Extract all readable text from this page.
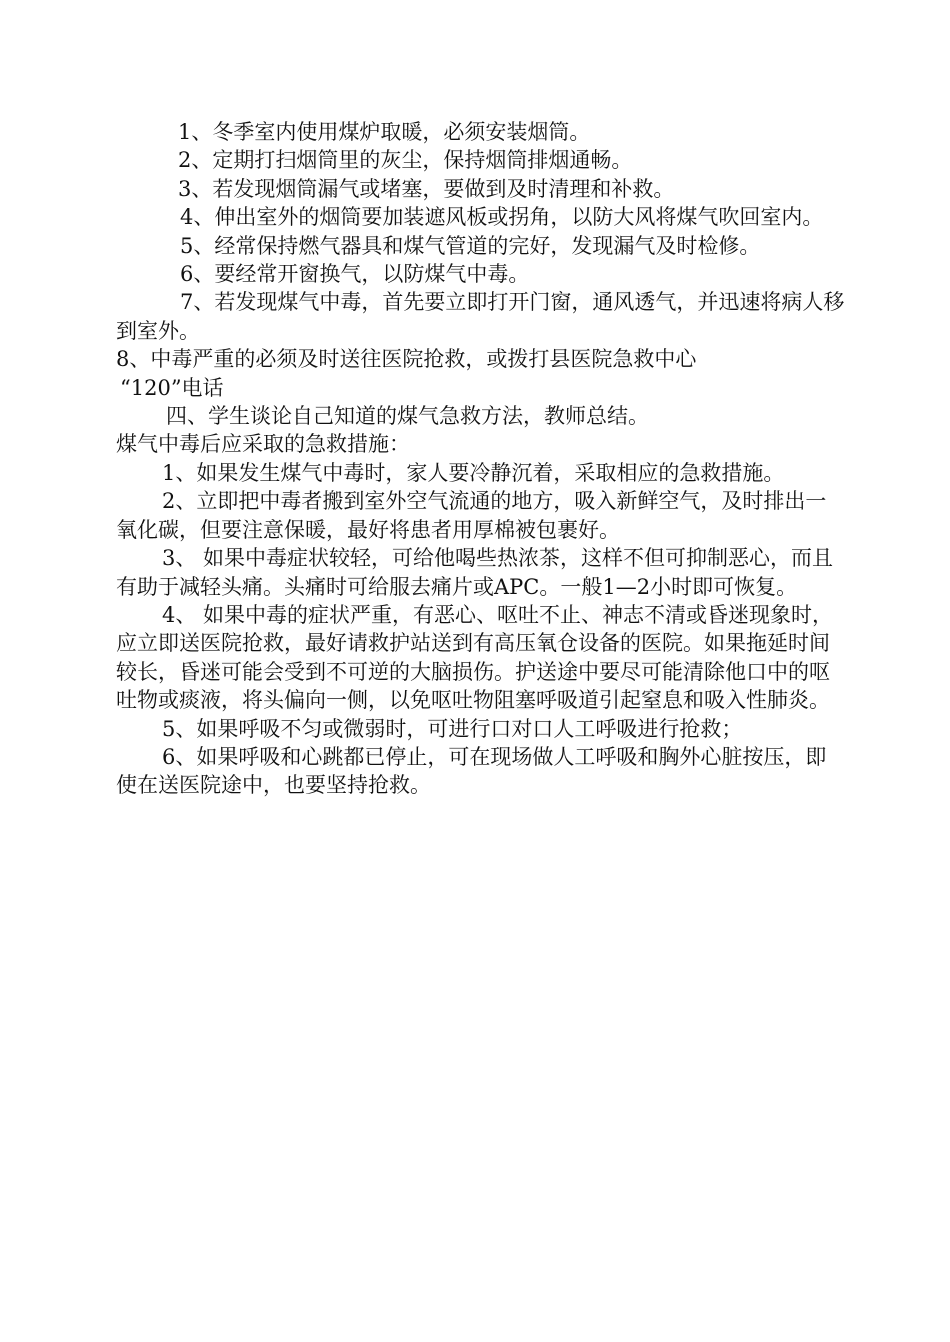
1、冬季室内使用煤炉取暖，必须安装烟筒。

2、定期打扫烟筒里的灰尘，保持烟筒排烟通畅。

3、若发现烟筒漏气或堵塞，要做到及时清理和补救。

4、伸出室外的烟筒要加装遮风板或拐角，以防大风将煤气吹回室内。

5、经常保持燃气器具和煤气管道的完好，发现漏气及时检修。

6、要经常开窗换气，以防煤气中毒。

7、若发现煤气中毒，首先要立即打开门窗，通风透气，并迅速将病人移到室外。

8、中毒严重的必须及时送往医院抢救，或拨打县医院急救中心

“120”电话

四、学生谈论自己知道的煤气急救方法，教师总结。

煤气中毒后应采取的急救措施：

1、如果发生煤气中毒时，家人要冷静沉着，采取相应的急救措施。

2、立即把中毒者搬到室外空气流通的地方，吸入新鲜空气，及时排出一氧化碳，但要注意保暖，最好将患者用厚棉被包裹好。

3、 如果中毒症状较轻，可给他喝些热浓茶，这样不但可抑制恶心，而且有助于减轻头痛。头痛时可给服去痛片或APC。一般1—2小时即可恢复。

4、 如果中毒的症状严重，有恶心、呕吐不止、神志不清或昏迷现象时，应立即送医院抢救，最好请救护站送到有高压氧仓设备的医院。如果拖延时间较长，昏迷可能会受到不可逆的大脑损伤。护送途中要尽可能清除他口中的呕吐物或痰液，将头偏向一侧，以免呕吐物阻塞呼吸道引起窒息和吸入性肺炎。

5、如果呼吸不匀或微弱时，可进行口对口人工呼吸进行抢救；

6、如果呼吸和心跳都已停止，可在现场做人工呼吸和胸外心脏按压，即使在送医院途中，也要坚持抢救。
